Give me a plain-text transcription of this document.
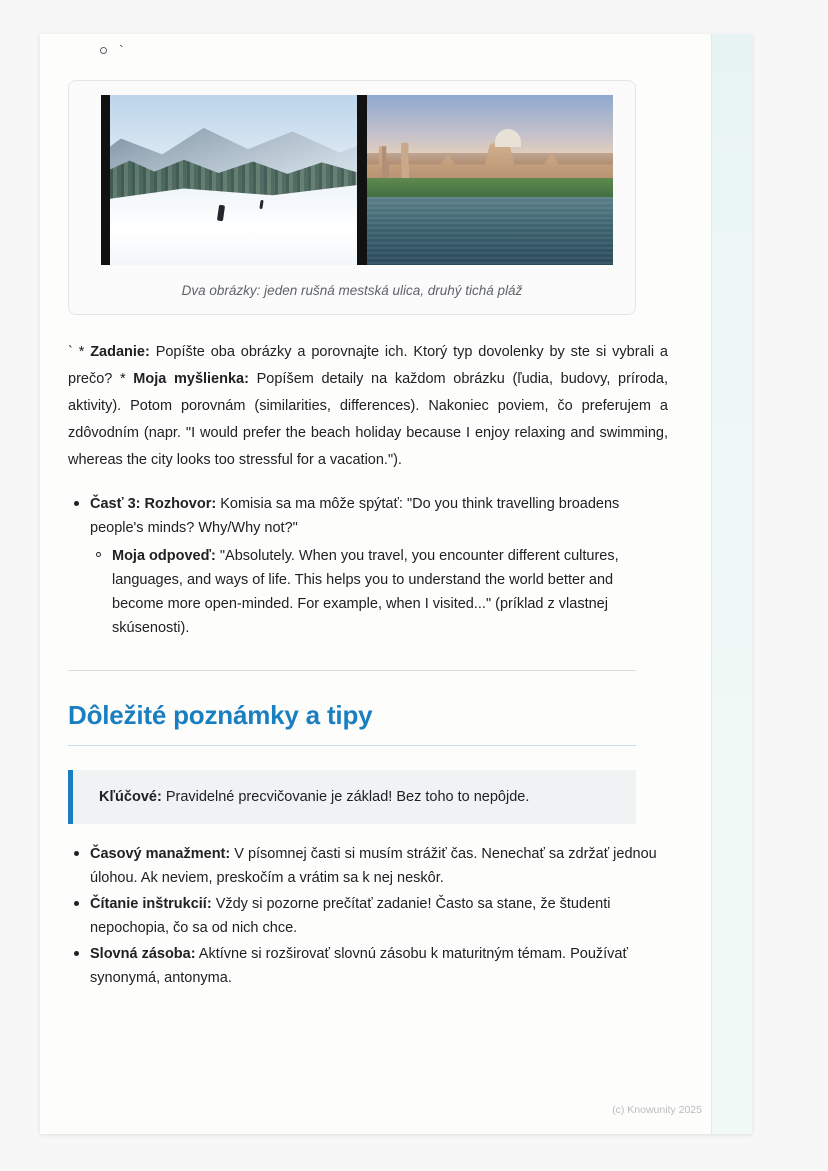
`
Dva obrázky: jeden rušná mestská ulica, druhý tichá pláž

` * Zadanie: Popíšte oba obrázky a porovnajte ich. Ktorý typ dovolenky by ste si vybrali a prečo? * Moja myšlienka: Popíšem detaily na každom obrázku (ľudia, budovy, príroda, aktivity). Potom porovnám (similarities, differences). Nakoniec poviem, čo preferujem a zdôvodním (napr. "I would prefer the beach holiday because I enjoy relaxing and swimming, whereas the city looks too stressful for a vacation.").

Časť 3: Rozhovor: Komisia sa ma môže spýtať: "Do you think travelling broadens people's minds? Why/Why not?"
Moja odpoveď: "Absolutely. When you travel, you encounter different cultures, languages, and ways of life. This helps you to understand the world better and become more open-minded. For example, when I visited..." (príklad z vlastnej skúsenosti).
Dôležité poznámky a tipy
Kľúčové: Pravidelné precvičovanie je základ! Bez toho to nepôjde.
Časový manažment: V písomnej časti si musím strážiť čas. Nenechať sa zdržať jednou úlohou. Ak neviem, preskočím a vrátim sa k nej neskôr.
Čítanie inštrukcií: Vždy si pozorne prečítať zadanie! Často sa stane, že študenti nepochopia, čo sa od nich chce.
Slovná zásoba: Aktívne si rozširovať slovnú zásobu k maturitným témam. Používať synonymá, antonyma.
(c) Knowunity 2025
